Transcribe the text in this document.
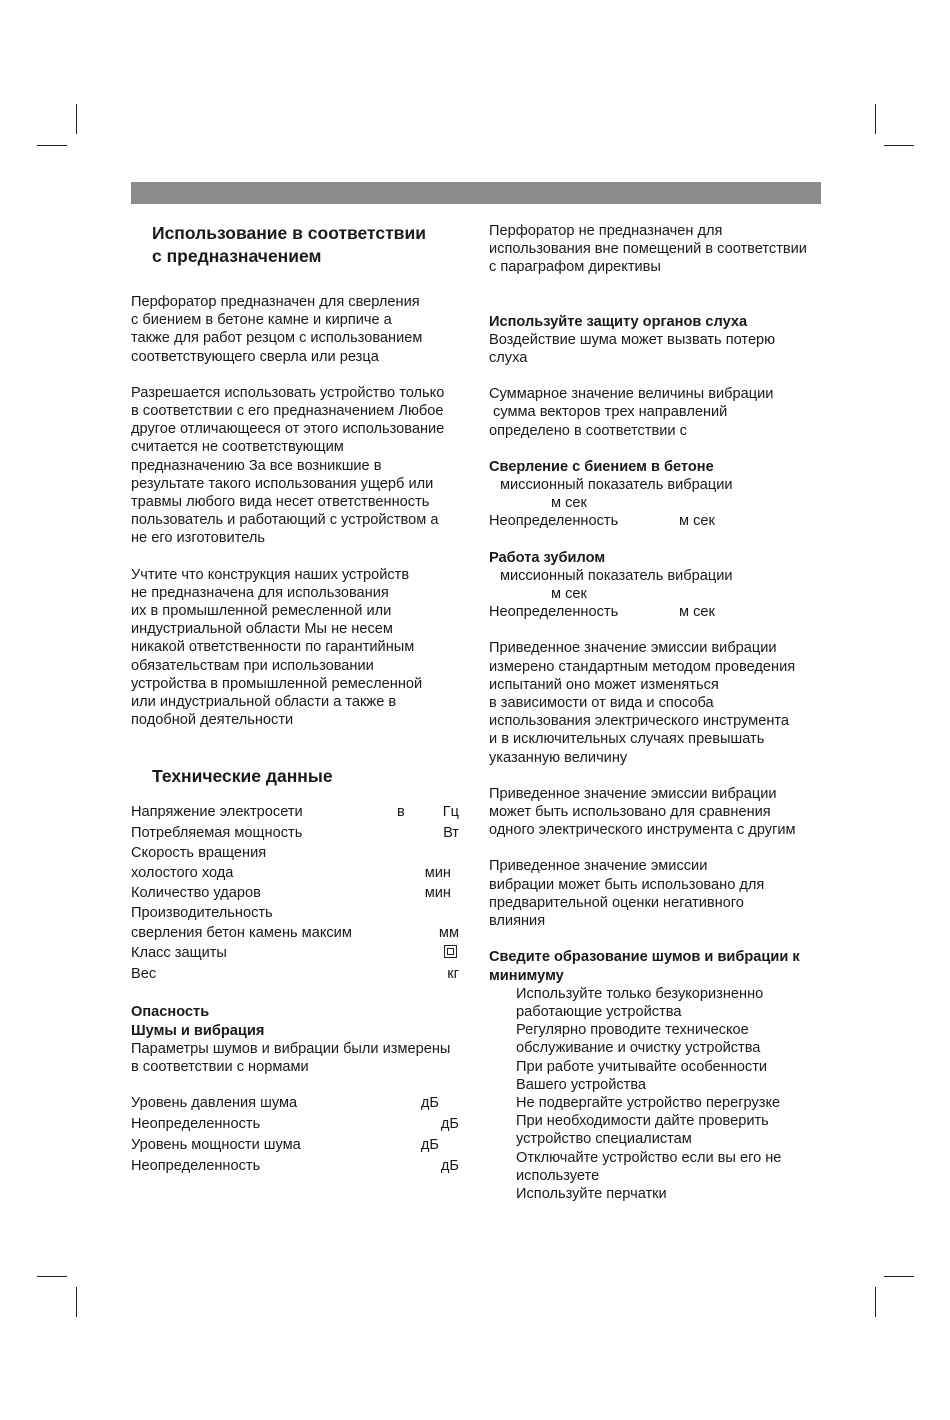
Использование в соответствии
с предназначением
Перфоратор предназначен для сверления
с биением в бетоне камне и кирпиче а
также для работ резцом с использованием
соответствующего сверла или резца
Разрешается использовать устройство только
в соответствии с его предназначением Любое
другое отличающееся от этого использование
считается не соответствующим
предназначению За все возникшие в
результате такого использования ущерб или
травмы любого вида несет ответственность
пользователь и работающий с устройством а
не его изготовитель
Учтите что конструкция наших устройств
не предназначена для использования
их в промышленной ремесленной или
индустриальной области Мы не несем
никакой ответственности по гарантийным
обязательствам при использовании
устройства в промышленной ремесленной
или индустриальной области а также в
подобной деятельности
Технические данные
Напряжение электросети	в	Гц
Потребляемая мощность	Вт
Скорость вращения
холостого хода	мин
Количество ударов	мин
Производительность
сверления бетон камень максим	мм
Класс защиты
Вес	кг
Опасность
Шумы и вибрация
Параметры шумов и вибрации были измерены
в соответствии с нормами
Уровень давления шума	дБ
Неопределенность	дБ
Уровень мощности шума	дБ
Неопределенность	дБ
Перфоратор не предназначен для
использования вне помещений в соответствии
с параграфом директивы
Используйте защиту органов слуха
Воздействие шума может вызвать потерю
слуха
Суммарное значение величины вибрации
сумма векторов трех направлений
определено в соответствии с
Сверление с биением в бетоне
миссионный показатель вибрации
м сек
Неопределенность	м сек
Работа зубилом
миссионный показатель вибрации
м сек
Неопределенность	м сек
Приведенное значение эмиссии вибрации
измерено стандартным методом проведения
испытаний оно может изменяться
в зависимости от вида и способа
использования электрического инструмента
и в исключительных случаях превышать
указанную величину
Приведенное значение эмиссии вибрации
может быть использовано для сравнения
одного электрического инструмента с другим
Приведенное значение эмиссии
вибрации может быть использовано для
предварительной оценки негативного
влияния
Сведите образование шумов и вибрации к
минимуму
Используйте только безукоризненно
работающие устройства
Регулярно проводите техническое
обслуживание и очистку устройства
При работе учитывайте особенности
Вашего устройства
Не подвергайте устройство перегрузке
При необходимости дайте проверить
устройство специалистам
Отключайте устройство если вы его не
используете
Используйте перчатки
